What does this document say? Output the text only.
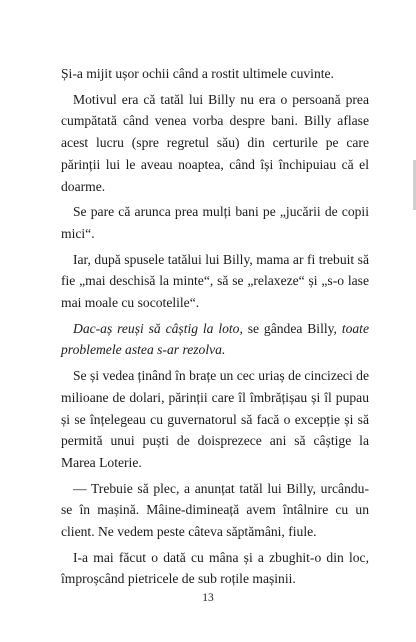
Și-a mijit ușor ochii când a rostit ultimele cuvinte.

Motivul era că tatăl lui Billy nu era o persoană prea cumpătată când venea vorba despre bani. Billy aflase acest lucru (spre regretul său) din certurile pe care părinții lui le aveau noaptea, când își închipuiau că el doarme.

Se pare că arunca prea mulți bani pe „jucării de copii mici“.

Iar, după spusele tatălui lui Billy, mama ar fi trebuit să fie „mai deschisă la minte“, să se „relaxeze“ și „s-o lase mai moale cu socotelile“.

Dac-aș reuși să câștig la loto, se gândea Billy, toate problemele astea s-ar rezolva.

Se și vedea ținând în brațe un cec uriaș de cincizeci de milioane de dolari, părinții care îl îmbrățișau și îl pupau și se înțelegeau cu guvernatorul să facă o excepție și să permită unui puști de doisprezece ani să câștige la Marea Loterie.

— Trebuie să plec, a anunțat tatăl lui Billy, urcându-se în mașină. Mâine-dimineață avem întâlnire cu un client. Ne vedem peste câteva săptămâni, fiule.

I-a mai făcut o dată cu mâna și a zbughit-o din loc, împroșcând pietricele de sub roțile mașinii.

13
